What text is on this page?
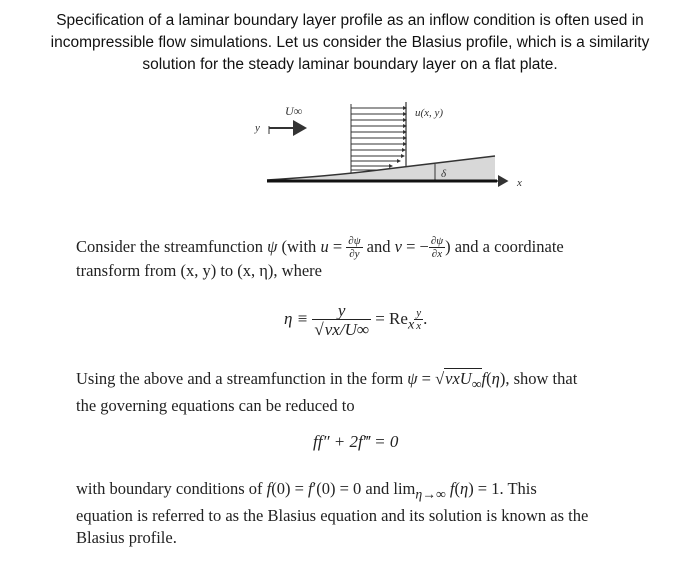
Specification of a laminar boundary layer profile as an inflow condition is often used in
incompressible flow simulations. Let us consider the Blasius profile, which is a similarity
solution for the steady laminar boundary layer on a flat plate.
U∞
y
u(x, y)
δ
x
Consider the streamfunction ψ (with $u = \frac{\partial\psi}{\partial y}$ and v = − $\frac{\partial\psi}{\partial x}$ ) and a coordinate
transform from (x, y) to (x, η), where
$\eta \equiv \frac{y}{√\nu x/U\infty} = Re_x \frac{y}{x}$ .
Using the above and a streamfunction in the form ψ = √νxU$_\infty$f(η), show that
the governing equations can be reduced to
ff″ + 2f‴ = 0
with boundary conditions of f(0) = f′(0) = 0 and $\lim_{\eta\to\infty} f(\eta) = 1$. This
equation is referred to as the Blasius equation and its solution is known as the
Blasius profile.
